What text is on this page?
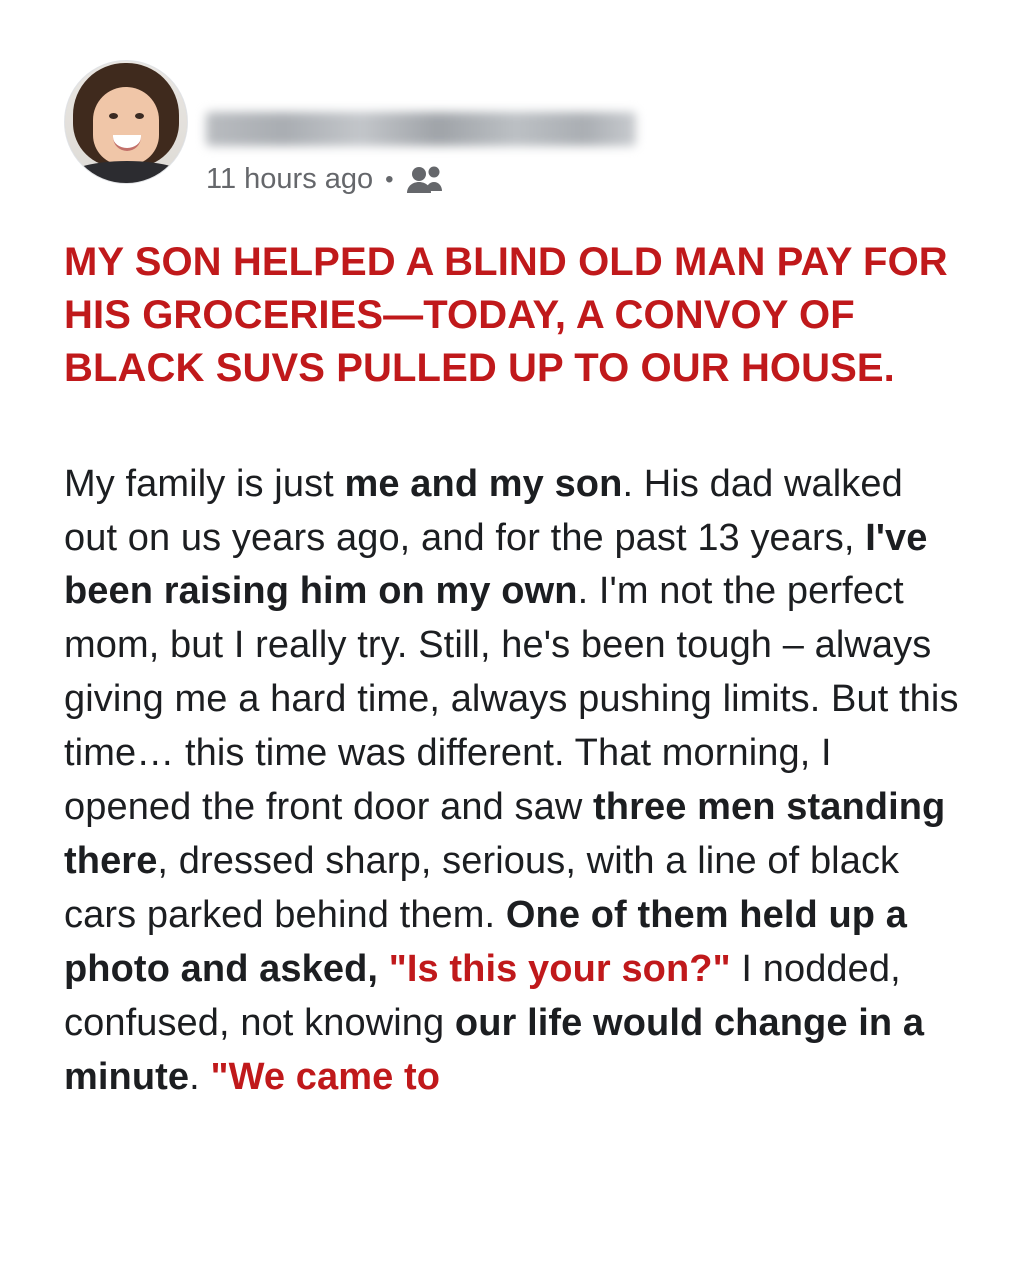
11 hours ago •
MY SON HELPED A BLIND OLD MAN PAY FOR HIS GROCERIES—TODAY, A CONVOY OF BLACK SUVS PULLED UP TO OUR HOUSE.
My family is just me and my son. His dad walked out on us years ago, and for the past 13 years, I've been raising him on my own. I'm not the perfect mom, but I really try. Still, he's been tough – always giving me a hard time, always pushing limits. But this time… this time was different. That morning, I opened the front door and saw three men standing there, dressed sharp, serious, with a line of black cars parked behind them. One of them held up a photo and asked, "Is this your son?" I nodded, confused, not knowing our life would change in a minute. "We came to
